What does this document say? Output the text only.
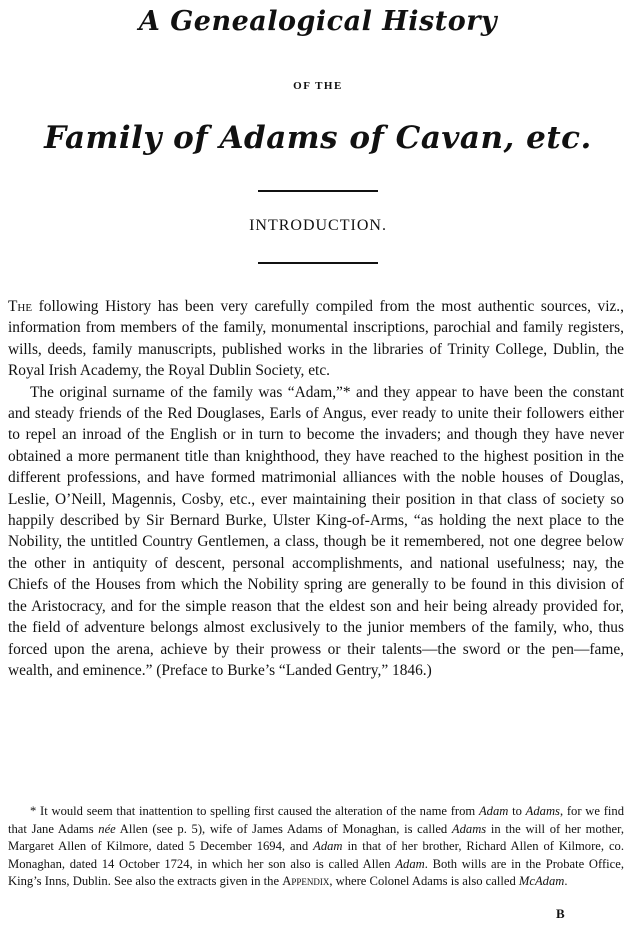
A Genealogical History
OF THE
Family of Adams of Cavan, etc.
INTRODUCTION.

The following History has been very carefully compiled from the most authentic sources, viz., information from members of the family, monumental inscriptions, parochial and family registers, wills, deeds, family manuscripts, published works in the libraries of Trinity College, Dublin, the Royal Irish Academy, the Royal Dublin Society, etc.

The original surname of the family was “Adam,”* and they appear to have been the constant and steady friends of the Red Douglases, Earls of Angus, ever ready to unite their followers either to repel an inroad of the English or in turn to become the invaders; and though they have never obtained a more permanent title than knighthood, they have reached to the highest position in the different professions, and have formed matrimonial alliances with the noble houses of Douglas, Leslie, O’Neill, Magennis, Cosby, etc., ever maintaining their position in that class of society so happily described by Sir Bernard Burke, Ulster King-of-Arms, “as holding the next place to the Nobility, the untitled Country Gentlemen, a class, though be it remembered, not one degree below the other in antiquity of descent, personal accomplishments, and national usefulness; nay, the Chiefs of the Houses from which the Nobility spring are generally to be found in this division of the Aristocracy, and for the simple reason that the eldest son and heir being already provided for, the field of adventure belongs almost exclusively to the junior members of the family, who, thus forced upon the arena, achieve by their prowess or their talents—the sword or the pen—fame, wealth, and eminence.” (Preface to Burke’s “Landed Gentry,” 1846.)

* It would seem that inattention to spelling first caused the alteration of the name from Adam to Adams, for we find that Jane Adams née Allen (see p. 5), wife of James Adams of Monaghan, is called Adams in the will of her mother, Margaret Allen of Kilmore, dated 5 December 1694, and Adam in that of her brother, Richard Allen of Kilmore, co. Monaghan, dated 14 October 1724, in which her son also is called Allen Adam. Both wills are in the Probate Office, King’s Inns, Dublin. See also the extracts given in the Appendix, where Colonel Adams is also called McAdam.
B
